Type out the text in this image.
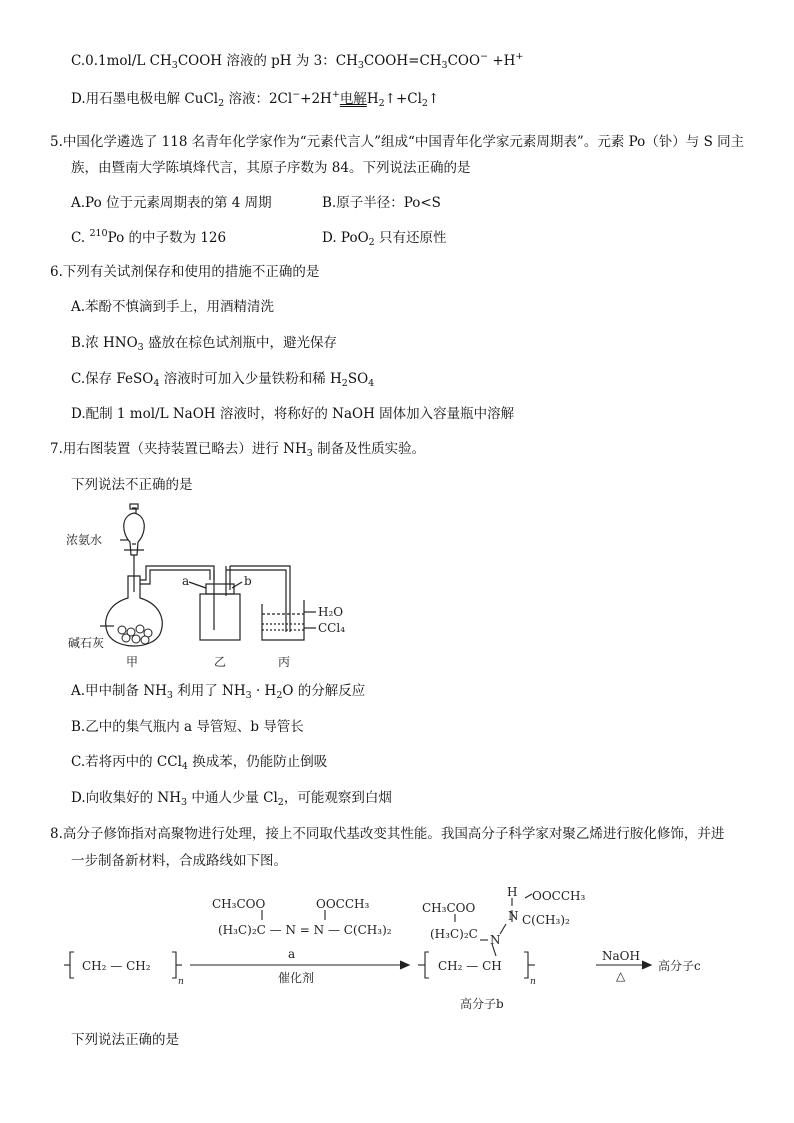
C.0.1mol/L $CH_3COOH$ 溶液的 pH 为 3：$CH_3COOH=CH_3COO^- +H^+$
D.用石墨电极电解 CuCl$_2$ 溶液：2Cl−+2H+电解$H_2↑+Cl_2↑$
5.中国化学遴选了 118 名青年化学家作为“元素代言人”组成“中国青年化学家元素周期表”。元素 Po（钋）与 S 同主
族，由暨南大学陈填烽代言，其原子序数为 84。下列说法正确的是
A.Po 位于元素周期表的第 4 周期	B.原子半径：Po<S
C. $^{210}$Po 的中子数为 126	D. PoO$_2$ 只有还原性
6.下列有关试剂保存和使用的措施不正确的是
A.苯酚不慎滴到手上，用酒精清洗
B.浓 $HNO_3$ 盛放在棕色试剂瓶中，避光保存
C.保存 FeSO$_4$ 溶液时可加入少量铁粉和稀 $H_2SO_4$
D.配制 1 mol/L NaOH 溶液时，将称好的 NaOH 固体加入容量瓶中溶解
7.用右图装置（夹持装置已略去）进行 $NH_3$ 制备及性质实验。
下列说法不正确的是
浓氨水
碱石灰
a	b
甲	乙	丙
H₂O
CCl₄
A.甲中制备 $NH_3$ 利用了 $NH_3 \cdot H_2O$ 的分解反应
B.乙中的集气瓶内 a 导管短、b 导管长
C.若将丙中的 CCl$_4$ 换成苯，仍能防止倒吸
D.向收集好的 $NH_3$ 中通人少量 $Cl_2$，可能观察到白烟
8.高分子修饰指对高聚物进行处理，接上不同取代基改变其性能。我国高分子科学家对聚乙烯进行胺化修饰，并进
一步制备新材料，合成路线如下图。
CH₃COO	OOCCH₃
(H₃C)₂C — N = N — C(CH₃)₂
a
催化剂
CH₂ — CH₂
n
H OOCCH₃
CH₃COO
N C(CH₃)₂
(H₃C)₂C N
CH₂ — CH
n
高分子b
NaOH
△
高分子c
下列说法正确的是
